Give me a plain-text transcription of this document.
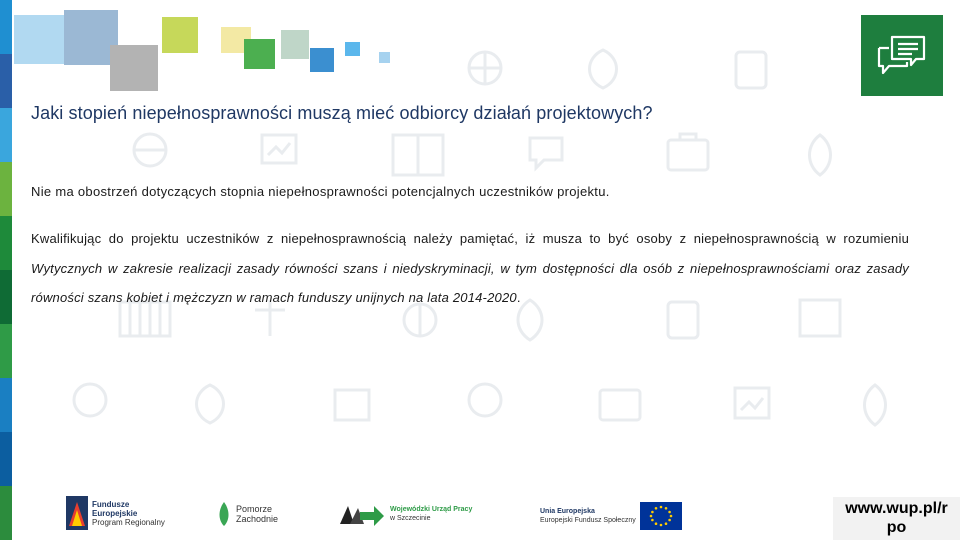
Jaki stopień niepełnosprawności muszą mieć odbiorcy działań projektowych?
Nie ma obostrzeń dotyczących stopnia niepełnosprawności potencjalnych uczestników projektu.
Kwalifikując do projektu uczestników z niepełnosprawnością należy pamiętać, iż musza to być osoby z niepełnosprawnością w rozumieniu Wytycznych w zakresie realizacji zasady równości szans i niedyskryminacji, w tym dostępności dla osób z niepełnosprawnościami oraz zasady równości szans kobiet i mężczyzn w ramach funduszy unijnych na lata 2014-2020.
Fundusze
Europejskie
Program Regionalny
Pomorze
Zachodnie
Wojewódzki Urząd Pracy
w Szczecinie
Unia Europejska
Europejski Fundusz Społeczny
www.wup.pl/r
po
